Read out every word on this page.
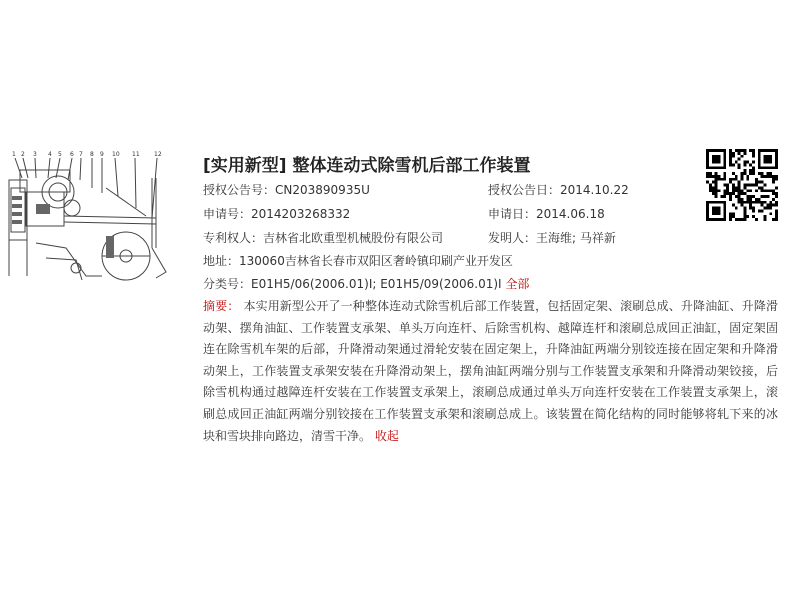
1 2 3 4 5 6 7 8 9 10 11 12
[实用新型] 整体连动式除雪机后部工作装置
授权公告号：CN203890935U	授权公告日：2014.10.22
申请号：2014203268332	申请日：2014.06.18
专利权人：吉林省北欧重型机械股份有限公司	发明人：王海维; 马祥新
地址：130060吉林省长春市双阳区奢岭镇印刷产业开发区
分类号：E01H5/06(2006.01)I; E01H5/09(2006.01)I 全部
摘要： 本实用新型公开了一种整体连动式除雪机后部工作装置，包括固定架、滚刷总成、升降油缸、升降滑动架、摆角油缸、工作装置支承架、单头万向连杆、后除雪机构、越障连杆和滚刷总成回正油缸，固定架固连在除雪机车架的后部，升降滑动架通过滑轮安装在固定架上，升降油缸两端分别铰连接在固定架和升降滑动架上，工作装置支承架安装在升降滑动架上，摆角油缸两端分别与工作装置支承架和升降滑动架铰接，后除雪机构通过越障连杆安装在工作装置支承架上，滚刷总成通过单头万向连杆安装在工作装置支承架上，滚刷总成回正油缸两端分别铰接在工作装置支承架和滚刷总成上。该装置在简化结构的同时能够将轧下来的冰块和雪块排向路边，清雪干净。 收起
